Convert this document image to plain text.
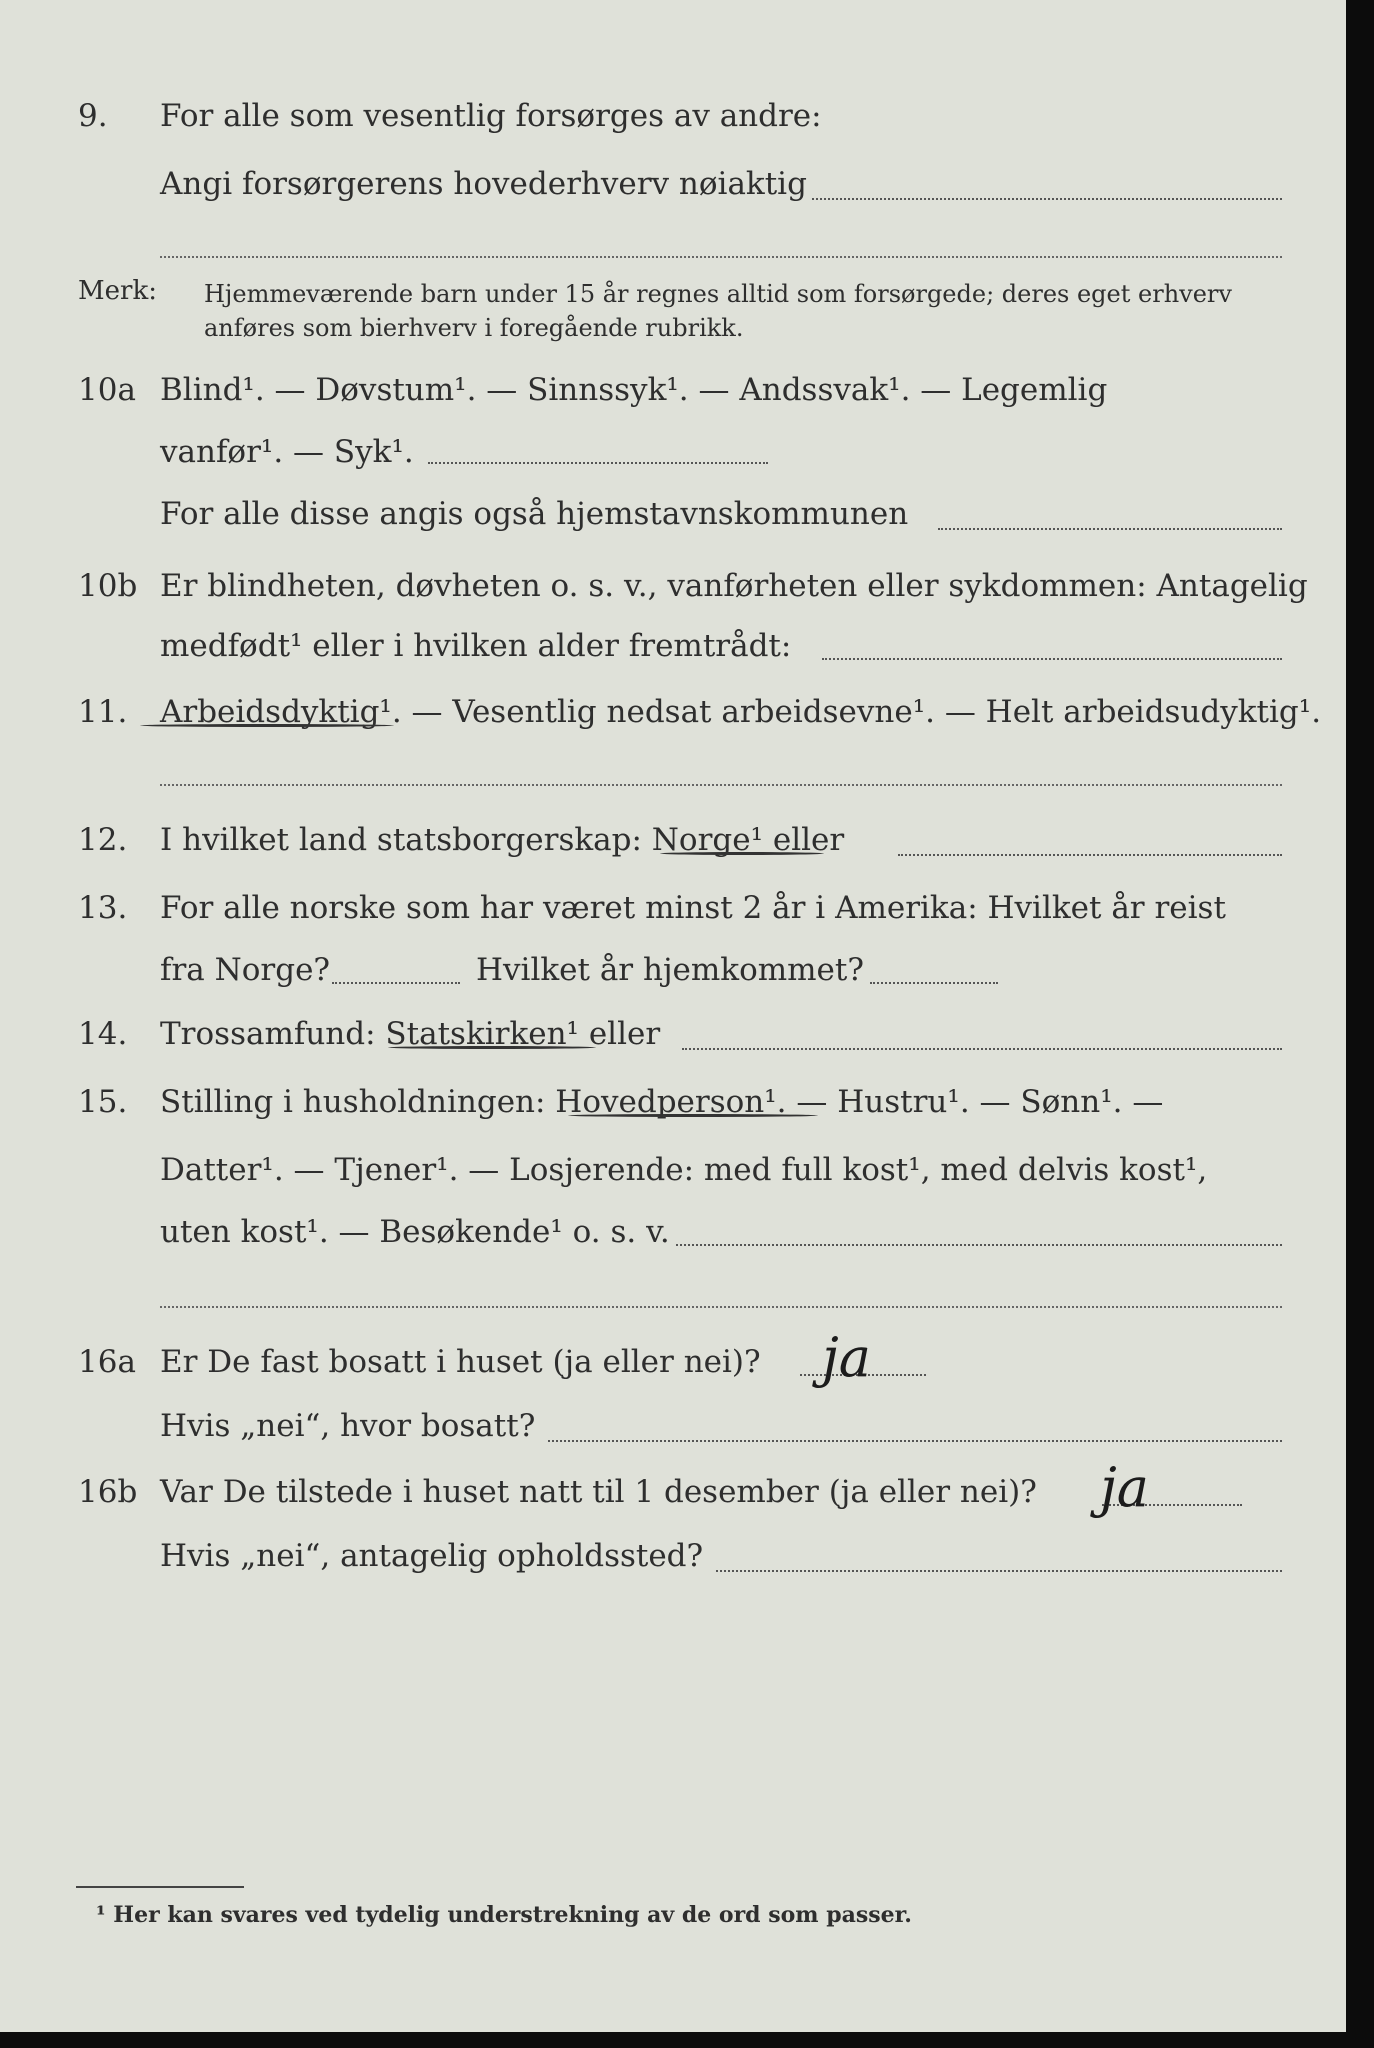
9. For alle som vesentlig forsørges av andre:
Angi forsørgerens hovederhverv nøiaktig
Merk: Hjemmeværende barn under 15 år regnes alltid som forsørgede; deres eget erhverv
anføres som bierhverv i foregående rubrikk.
10a Blind¹. — Døvstum¹. — Sinnssyk¹. — Andssvak¹. — Legemlig
vanfør¹. — Syk¹.
For alle disse angis også hjemstavnskommunen
10b Er blindheten, døvheten o. s. v., vanførheten eller sykdommen: Antagelig
medfødt¹ eller i hvilken alder fremtrådt:
11. Arbeidsdyktig¹. — Vesentlig nedsat arbeidsevne¹. — Helt arbeidsudyktig¹.
12. I hvilket land statsborgerskap: Norge¹ eller
13. For alle norske som har været minst 2 år i Amerika: Hvilket år reist
fra Norge?	Hvilket år hjemkommet?
14. Trossamfund: Statskirken¹ eller
15. Stilling i husholdningen: Hovedperson¹. — Hustru¹. — Sønn¹. —
Datter¹. — Tjener¹. — Losjerende: med full kost¹, med delvis kost¹,
uten kost¹. — Besøkende¹ o. s. v.
16a Er De fast bosatt i huset (ja eller nei)? ja
Hvis „nei“, hvor bosatt?
16b Var De tilstede i huset natt til 1 desember (ja eller nei)? ja
Hvis „nei“, antagelig opholdssted?
¹ Her kan svares ved tydelig understrekning av de ord som passer.
